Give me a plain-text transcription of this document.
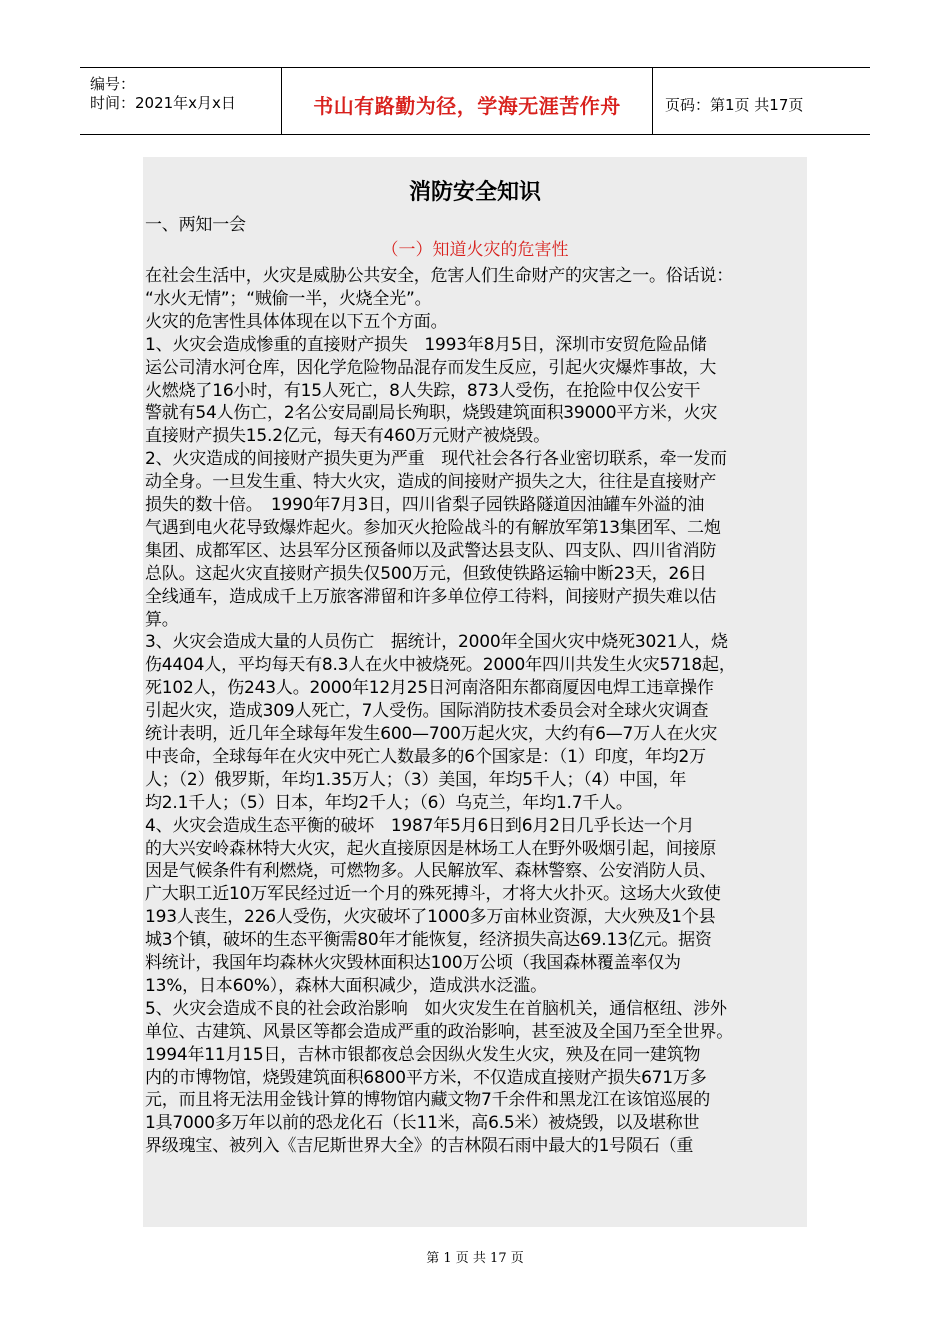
编号：
时间：2021年x月x日	书山有路勤为径，学海无涯苦作舟	页码：第1页 共17页
消防安全知识
一、两知一会
（一）知道火灾的危害性
在社会生活中，火灾是威胁公共安全，危害人们生命财产的灾害之一。俗话说：
“水火无情”；“贼偷一半，火烧全光”。
火灾的危害性具体体现在以下五个方面。
1、火灾会造成惨重的直接财产损失　1993年8月5日，深圳市安贸危险品储
运公司清水河仓库，因化学危险物品混存而发生反应，引起火灾爆炸事故，大
火燃烧了16小时，有15人死亡，8人失踪，873人受伤，在抢险中仅公安干
警就有54人伤亡，2名公安局副局长殉职，烧毁建筑面积39000平方米，火灾
直接财产损失15.2亿元，每天有460万元财产被烧毁。
2、火灾造成的间接财产损失更为严重　现代社会各行各业密切联系，牵一发而
动全身。一旦发生重、特大火灾，造成的间接财产损失之大，往往是直接财产
损失的数十倍。　1990年7月3日，四川省梨子园铁路隧道因油罐车外溢的油
气遇到电火花导致爆炸起火。参加灭火抢险战斗的有解放军第13集团军、二炮
集团、成都军区、达县军分区预备师以及武警达县支队、四支队、四川省消防
总队。这起火灾直接财产损失仅500万元，但致使铁路运输中断23天，26日
全线通车，造成成千上万旅客滞留和许多单位停工待料，间接财产损失难以估
算。
3、火灾会造成大量的人员伤亡　据统计，2000年全国火灾中烧死3021人，烧
伤4404人，平均每天有8.3人在火中被烧死。2000年四川共发生火灾5718起，
死102人，伤243人。2000年12月25日河南洛阳东都商厦因电焊工违章操作
引起火灾，造成309人死亡，7人受伤。国际消防技术委员会对全球火灾调查
统计表明，近几年全球每年发生600—700万起火灾，大约有6—7万人在火灾
中丧命，全球每年在火灾中死亡人数最多的6个国家是：（1）印度，年均2万
人；（2）俄罗斯，年均1.35万人；（3）美国，年均5千人；（4）中国，年
均2.1千人；（5）日本，年均2千人；（6）乌克兰，年均1.7千人。
4、火灾会造成生态平衡的破坏　1987年5月6日到6月2日几乎长达一个月
的大兴安岭森林特大火灾，起火直接原因是林场工人在野外吸烟引起，间接原
因是气候条件有利燃烧，可燃物多。人民解放军、森林警察、公安消防人员、
广大职工近10万军民经过近一个月的殊死搏斗，才将大火扑灭。这场大火致使
193人丧生，226人受伤，火灾破坏了1000多万亩林业资源，大火殃及1个县
城3个镇，破坏的生态平衡需80年才能恢复，经济损失高达69.13亿元。据资
料统计，我国年均森林火灾毁林面积达100万公顷（我国森林覆盖率仅为
13%，日本60%），森林大面积减少，造成洪水泛滥。
5、火灾会造成不良的社会政治影响　如火灾发生在首脑机关，通信枢纽、涉外
单位、古建筑、风景区等都会造成严重的政治影响，甚至波及全国乃至全世界。
1994年11月15日，吉林市银都夜总会因纵火发生火灾，殃及在同一建筑物
内的市博物馆，烧毁建筑面积6800平方米，不仅造成直接财产损失671万多
元，而且将无法用金钱计算的博物馆内藏文物7千余件和黑龙江在该馆巡展的
1具7000多万年以前的恐龙化石（长11米，高6.5米）被烧毁，以及堪称世
界级瑰宝、被列入《吉尼斯世界大全》的吉林陨石雨中最大的1号陨石（重
第 1 页 共 17 页
